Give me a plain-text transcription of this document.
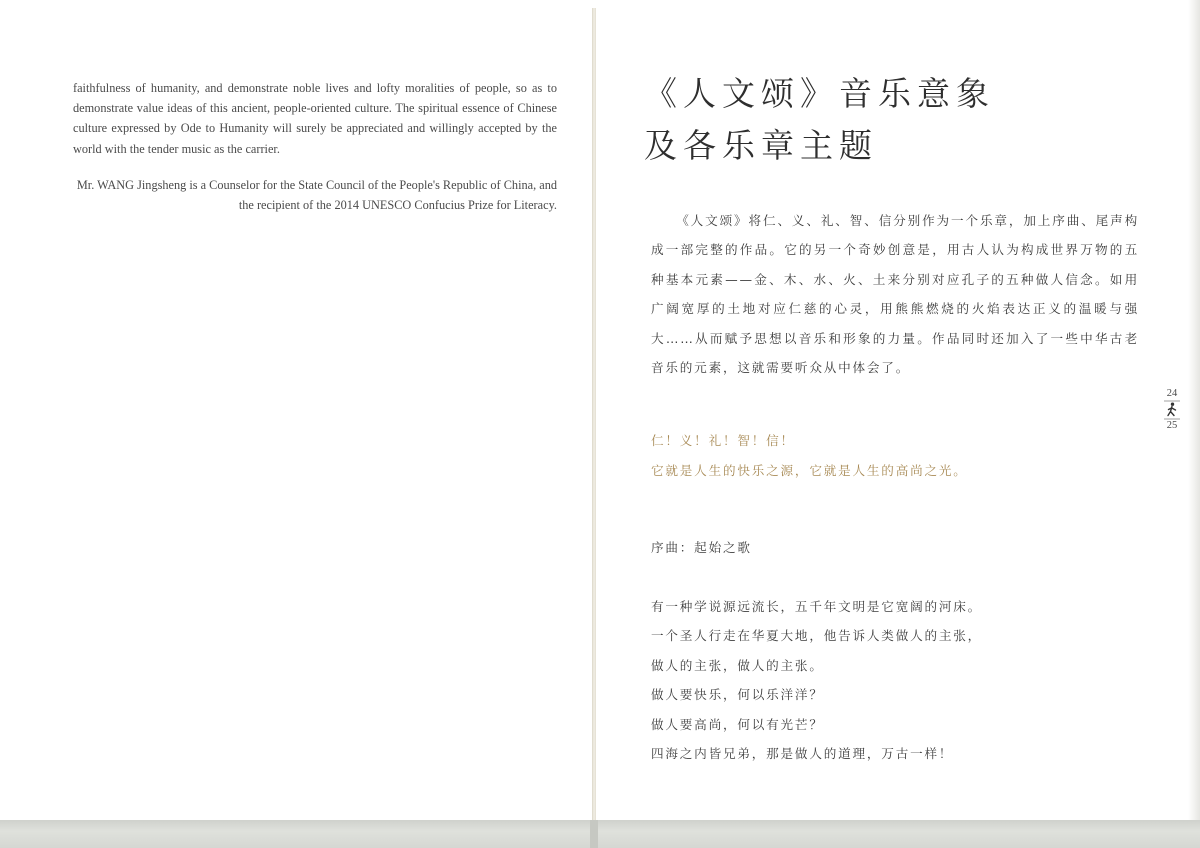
faithfulness of humanity, and demonstrate noble lives and lofty moralities of people, so as to demonstrate value ideas of this ancient, people-oriented culture. The spiritual essence of Chinese culture expressed by Ode to Humanity will surely be appreciated and willingly accepted by the world with the tender music as the carrier.

Mr. WANG Jingsheng is a Counselor for the State Council of the People's Republic of China, and the recipient of the 2014 UNESCO Confucius Prize for Literacy.

《人文颂》音乐意象
及各乐章主题

《人文颂》将仁、义、礼、智、信分别作为一个乐章，加上序曲、尾声构成一部完整的作品。它的另一个奇妙创意是，用古人认为构成世界万物的五种基本元素——金、木、水、火、土来分别对应孔子的五种做人信念。如用广阔宽厚的土地对应仁慈的心灵，用熊熊燃烧的火焰表达正义的温暖与强大……从而赋予思想以音乐和形象的力量。作品同时还加入了一些中华古老音乐的元素，这就需要听众从中体会了。

仁！义！礼！智！信！
它就是人生的快乐之源，它就是人生的高尚之光。
序曲：起始之歌
有一种学说源远流长，五千年文明是它宽阔的河床。
一个圣人行走在华夏大地，他告诉人类做人的主张，
做人的主张，做人的主张。
做人要快乐，何以乐洋洋？
做人要高尚，何以有光芒？
四海之内皆兄弟，那是做人的道理，万古一样！
24
25
